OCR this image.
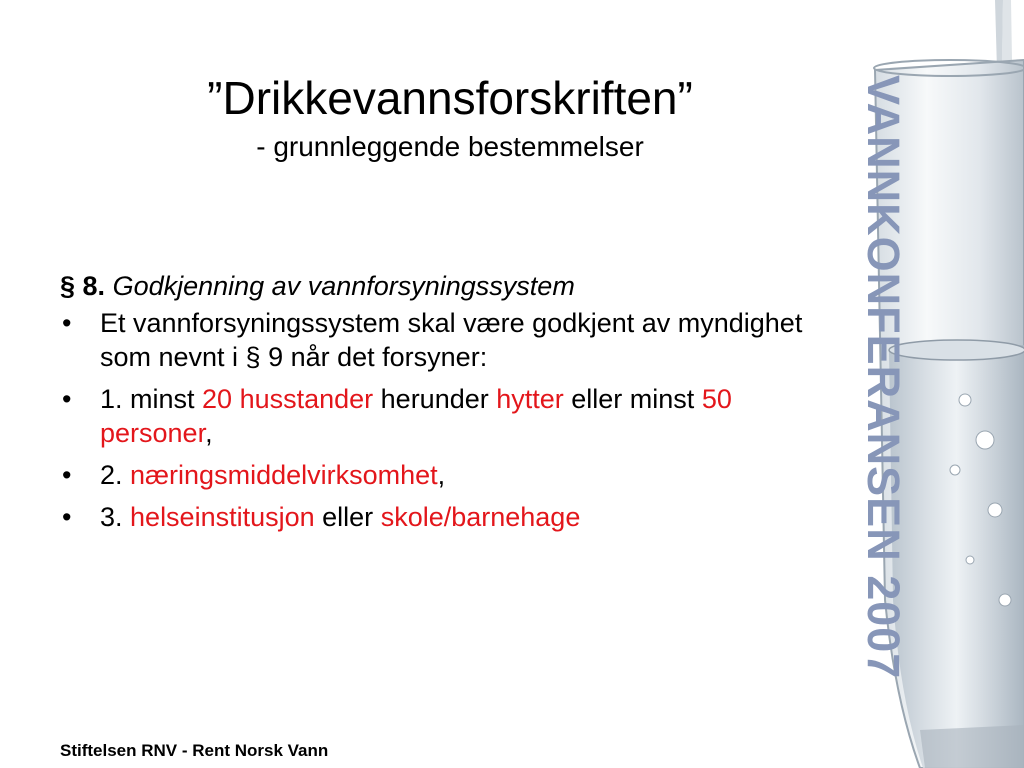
”Drikkevannsforskriften”
- grunnleggende bestemmelser
§ 8. Godkjenning av vannforsyningssystem
• Et vannforsyningssystem skal være godkjent av myndighet som nevnt i § 9 når det forsyner:
• 1. minst 20 husstander herunder hytter eller minst 50 personer,
• 2. næringsmiddelvirksomhet,
• 3. helseinstitusjon eller skole/barnehage	VANNKONFERANSEN 2007
Stiftelsen RNV - Rent Norsk Vann
